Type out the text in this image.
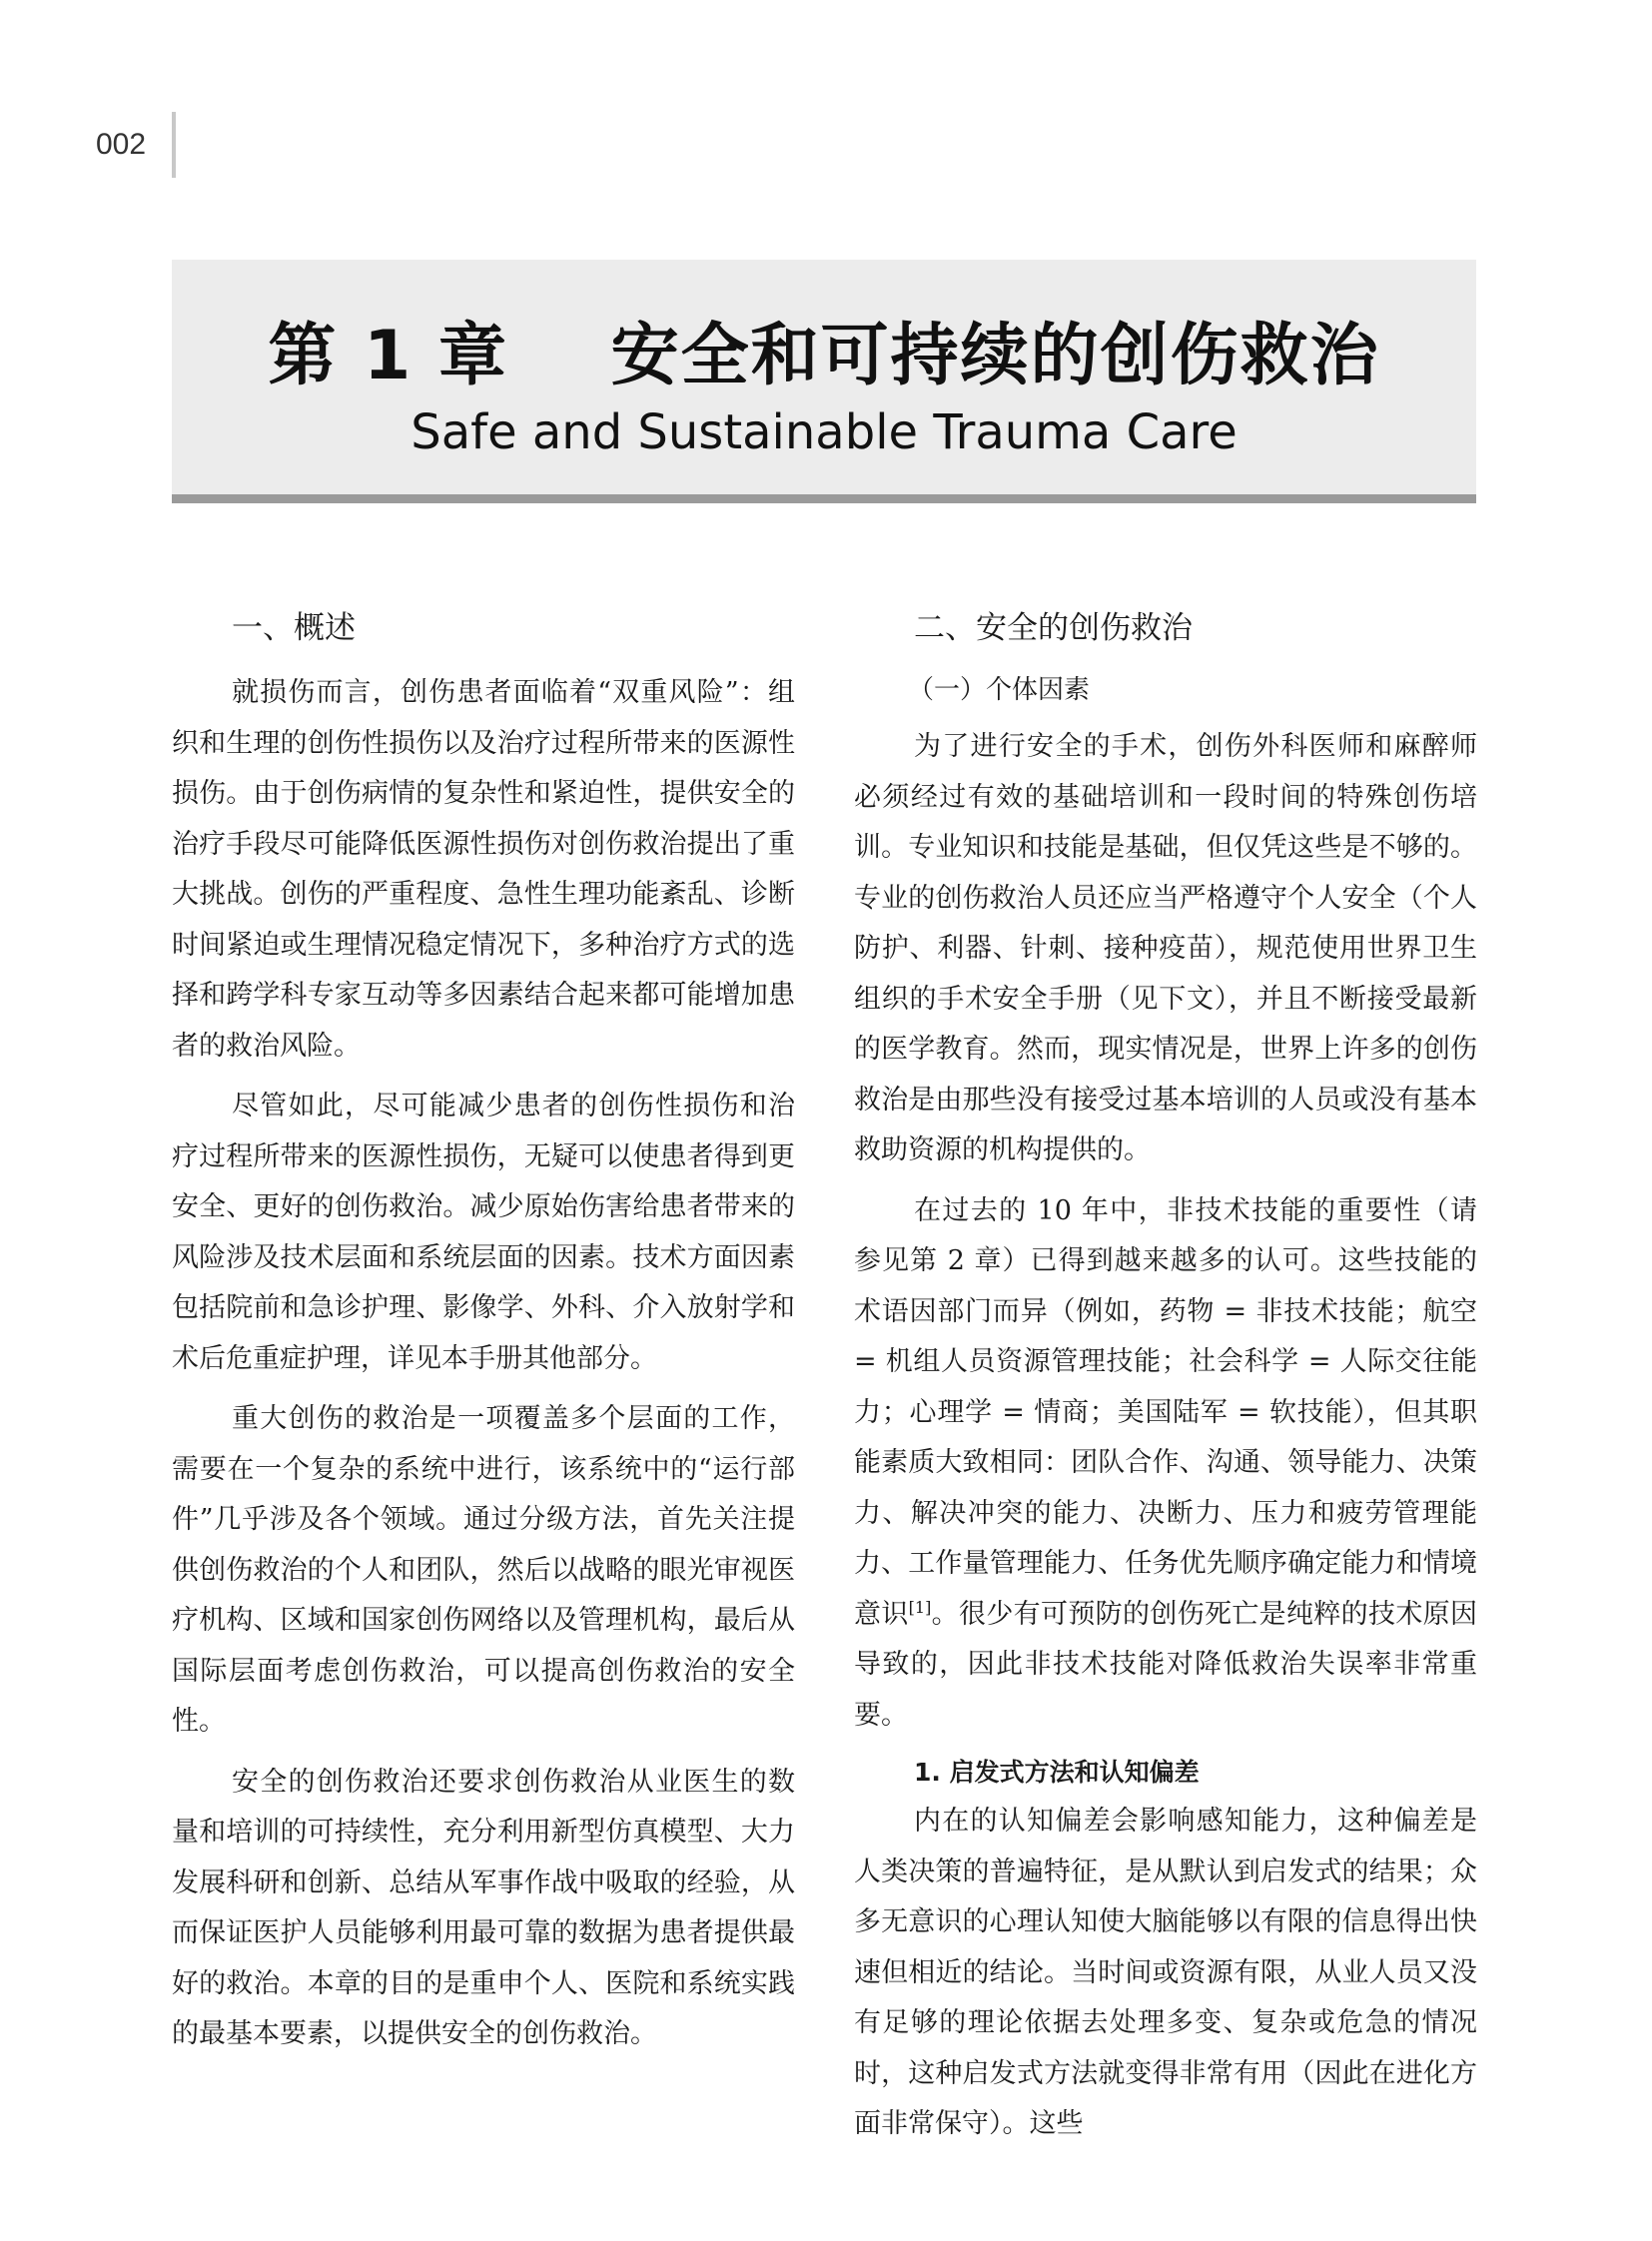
002
第 1 章    安全和可持续的创伤救治
Safe and Sustainable Trauma Care
一、概述

就损伤而言，创伤患者面临着“双重风险”：组织和生理的创伤性损伤以及治疗过程所带来的医源性损伤。由于创伤病情的复杂性和紧迫性，提供安全的治疗手段尽可能降低医源性损伤对创伤救治提出了重大挑战。创伤的严重程度、急性生理功能紊乱、诊断时间紧迫或生理情况稳定情况下，多种治疗方式的选择和跨学科专家互动等多因素结合起来都可能增加患者的救治风险。

尽管如此，尽可能减少患者的创伤性损伤和治疗过程所带来的医源性损伤，无疑可以使患者得到更安全、更好的创伤救治。减少原始伤害给患者带来的风险涉及技术层面和系统层面的因素。技术方面因素包括院前和急诊护理、影像学、外科、介入放射学和术后危重症护理，详见本手册其他部分。

重大创伤的救治是一项覆盖多个层面的工作，需要在一个复杂的系统中进行，该系统中的“运行部件”几乎涉及各个领域。通过分级方法，首先关注提供创伤救治的个人和团队，然后以战略的眼光审视医疗机构、区域和国家创伤网络以及管理机构，最后从国际层面考虑创伤救治，可以提高创伤救治的安全性。

安全的创伤救治还要求创伤救治从业医生的数量和培训的可持续性，充分利用新型仿真模型、大力发展科研和创新、总结从军事作战中吸取的经验，从而保证医护人员能够利用最可靠的数据为患者提供最好的救治。本章的目的是重申个人、医院和系统实践的最基本要素，以提供安全的创伤救治。

二、安全的创伤救治
（一）个体因素

为了进行安全的手术，创伤外科医师和麻醉师必须经过有效的基础培训和一段时间的特殊创伤培训。专业知识和技能是基础，但仅凭这些是不够的。专业的创伤救治人员还应当严格遵守个人安全（个人防护、利器、针刺、接种疫苗），规范使用世界卫生组织的手术安全手册（见下文），并且不断接受最新的医学教育。然而，现实情况是，世界上许多的创伤救治是由那些没有接受过基本培训的人员或没有基本救助资源的机构提供的。

在过去的 10 年中，非技术技能的重要性（请参见第 2 章）已得到越来越多的认可。这些技能的术语因部门而异（例如，药物 = 非技术技能；航空 = 机组人员资源管理技能；社会科学 = 人际交往能力；心理学 = 情商；美国陆军 = 软技能），但其职能素质大致相同：团队合作、沟通、领导能力、决策力、解决冲突的能力、决断力、压力和疲劳管理能力、工作量管理能力、任务优先顺序确定能力和情境意识[1]。很少有可预防的创伤死亡是纯粹的技术原因导致的，因此非技术技能对降低救治失误率非常重要。

1. 启发式方法和认知偏差

内在的认知偏差会影响感知能力，这种偏差是人类决策的普遍特征，是从默认到启发式的结果；众多无意识的心理认知使大脑能够以有限的信息得出快速但相近的结论。当时间或资源有限，从业人员又没有足够的理论依据去处理多变、复杂或危急的情况时，这种启发式方法就变得非常有用（因此在进化方面非常保守）。这些
